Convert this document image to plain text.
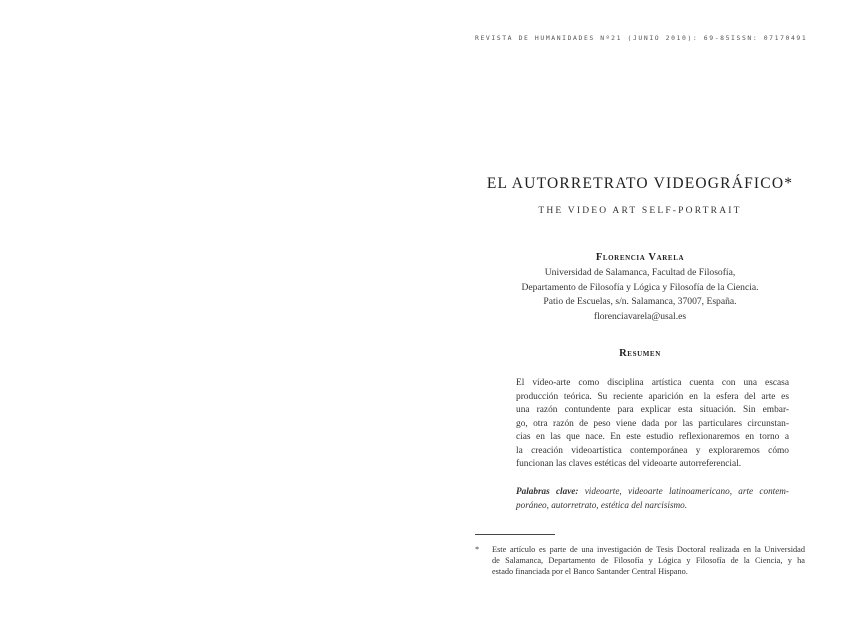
REVISTA DE HUMANIDADES Nº21 (JUNIO 2010): 69-85 ISSN: 07170491
EL AUTORRETRATO VIDEOGRÁFICO*
THE VIDEO ART SELF-PORTRAIT
Florencia Varela
Universidad de Salamanca, Facultad de Filosofía,
Departamento de Filosofía y Lógica y Filosofía de la Ciencia.
Patio de Escuelas, s/n. Salamanca, 37007, España.
florenciavarela@usal.es
Resumen
El vídeo-arte como disciplina artística cuenta con una escasa
producción teórica. Su reciente aparición en la esfera del arte es
una razón contundente para explicar esta situación. Sin embar-
go, otra razón de peso viene dada por las particulares circunstan-
cias en las que nace. En este estudio reflexionaremos en torno a
la creación videoartística contemporánea y exploraremos cómo
funcionan las claves estéticas del videoarte autorreferencial.
Palabras clave: videoarte, videoarte latinoamericano, arte contem-
poráneo, autorretrato, estética del narcisismo.
* Este artículo es parte de una investigación de Tesis Doctoral realizada en la Universidad
de Salamanca, Departamento de Filosofía y Lógica y Filosofía de la Ciencia, y ha
estado financiada por el Banco Santander Central Hispano.
